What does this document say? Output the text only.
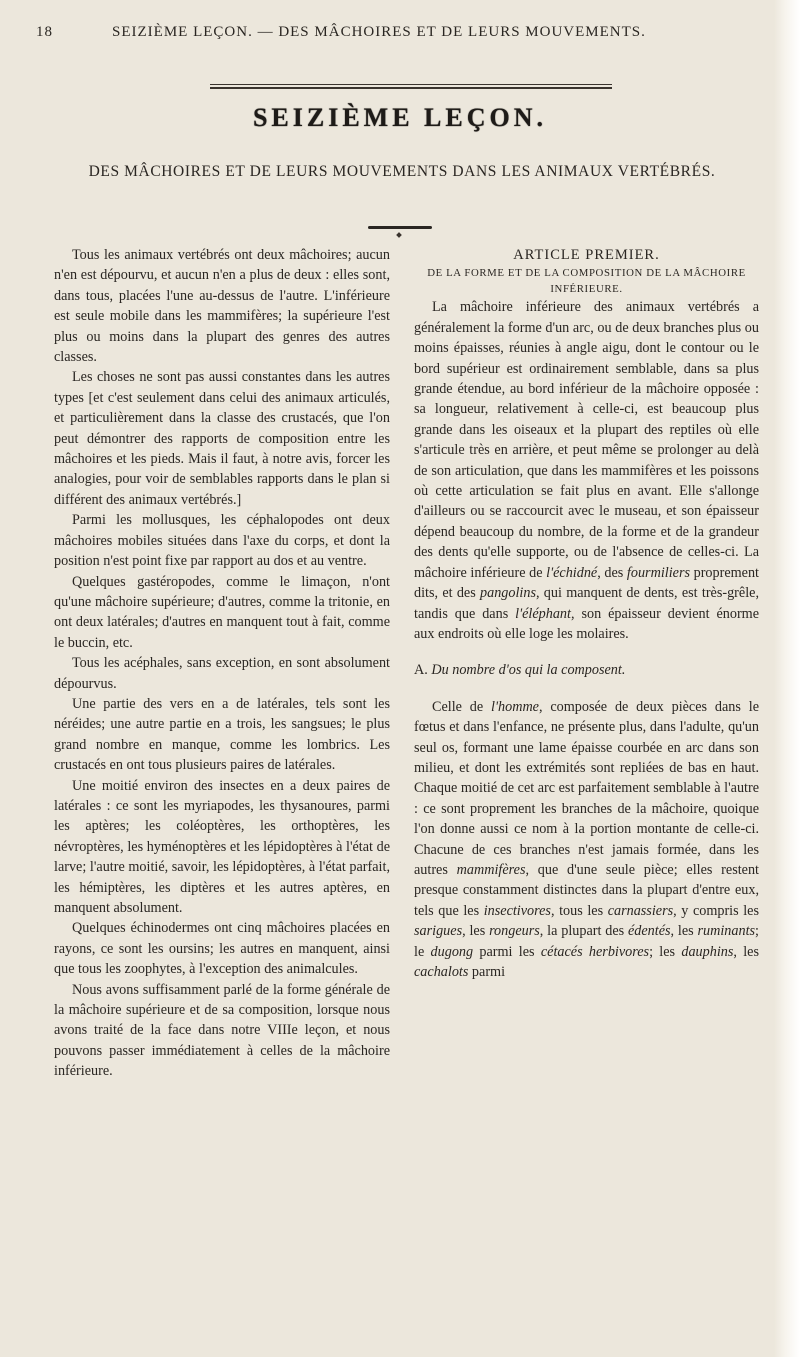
18	SEIZIÈME LEÇON. — DES MÂCHOIRES ET DE LEURS MOUVEMENTS.
SEIZIÈME LEÇON.
DES MÂCHOIRES ET DE LEURS MOUVEMENTS DANS LES ANIMAUX VERTÉBRÉS.

Tous les animaux vertébrés ont deux mâchoires; aucun n'en est dépourvu, et aucun n'en a plus de deux : elles sont, dans tous, placées l'une au-dessus de l'autre. L'inférieure est seule mobile dans les mammifères; la supérieure l'est plus ou moins dans la plupart des genres des autres classes.

Les choses ne sont pas aussi constantes dans les autres types [et c'est seulement dans celui des animaux articulés, et particulièrement dans la classe des crustacés, que l'on peut démontrer des rapports de composition entre les mâchoires et les pieds. Mais il faut, à notre avis, forcer les analogies, pour voir de semblables rapports dans le plan si différent des animaux vertébrés.]

Parmi les mollusques, les céphalopodes ont deux mâchoires mobiles situées dans l'axe du corps, et dont la position n'est point fixe par rapport au dos et au ventre.

Quelques gastéropodes, comme le limaçon, n'ont qu'une mâchoire supérieure; d'autres, comme la tritonie, en ont deux latérales; d'autres en manquent tout à fait, comme le buccin, etc.

Tous les acéphales, sans exception, en sont absolument dépourvus.

Une partie des vers en a de latérales, tels sont les néréides; une autre partie en a trois, les sangsues; le plus grand nombre en manque, comme les lombrics. Les crustacés en ont tous plusieurs paires de latérales.

Une moitié environ des insectes en a deux paires de latérales : ce sont les myriapodes, les thysanoures, parmi les aptères; les coléoptères, les orthoptères, les névroptères, les hyménoptères et les lépidoptères à l'état de larve; l'autre moitié, savoir, les lépidoptères, à l'état parfait, les hémiptères, les diptères et les autres aptères, en manquent absolument.

Quelques échinodermes ont cinq mâchoires placées en rayons, ce sont les oursins; les autres en manquent, ainsi que tous les zoophytes, à l'exception des animalcules.

Nous avons suffisamment parlé de la forme générale de la mâchoire supérieure et de sa composition, lorsque nous avons traité de la face dans notre VIIIe leçon, et nous pouvons passer immédiatement à celles de la mâchoire inférieure.

ARTICLE PREMIER.

DE LA FORME ET DE LA COMPOSITION DE LA MÂCHOIRE INFÉRIEURE.

La mâchoire inférieure des animaux vertébrés a généralement la forme d'un arc, ou de deux branches plus ou moins épaisses, réunies à angle aigu, dont le contour ou le bord supérieur est ordinairement semblable, dans sa plus grande étendue, au bord inférieur de la mâchoire opposée : sa longueur, relativement à celle-ci, est beaucoup plus grande dans les oiseaux et la plupart des reptiles où elle s'articule très en arrière, et peut même se prolonger au delà de son articulation, que dans les mammifères et les poissons où cette articulation se fait plus en avant. Elle s'allonge d'ailleurs ou se raccourcit avec le museau, et son épaisseur dépend beaucoup du nombre, de la forme et de la grandeur des dents qu'elle supporte, ou de l'absence de celles-ci. La mâchoire inférieure de l'échidné, des fourmiliers proprement dits, et des pangolins, qui manquent de dents, est très-grêle, tandis que dans l'éléphant, son épaisseur devient énorme aux endroits où elle loge les molaires.

A. Du nombre d'os qui la composent.

Celle de l'homme, composée de deux pièces dans le fœtus et dans l'enfance, ne présente plus, dans l'adulte, qu'un seul os, formant une lame épaisse courbée en arc dans son milieu, et dont les extrémités sont repliées de bas en haut. Chaque moitié de cet arc est parfaitement semblable à l'autre : ce sont proprement les branches de la mâchoire, quoique l'on donne aussi ce nom à la portion montante de celle-ci. Chacune de ces branches n'est jamais formée, dans les autres mammifères, que d'une seule pièce; elles restent presque constamment distinctes dans la plupart d'entre eux, tels que les insectivores, tous les carnassiers, y compris les sarigues, les rongeurs, la plupart des édentés, les ruminants; le dugong parmi les cétacés herbivores; les dauphins, les cachalots parmi
